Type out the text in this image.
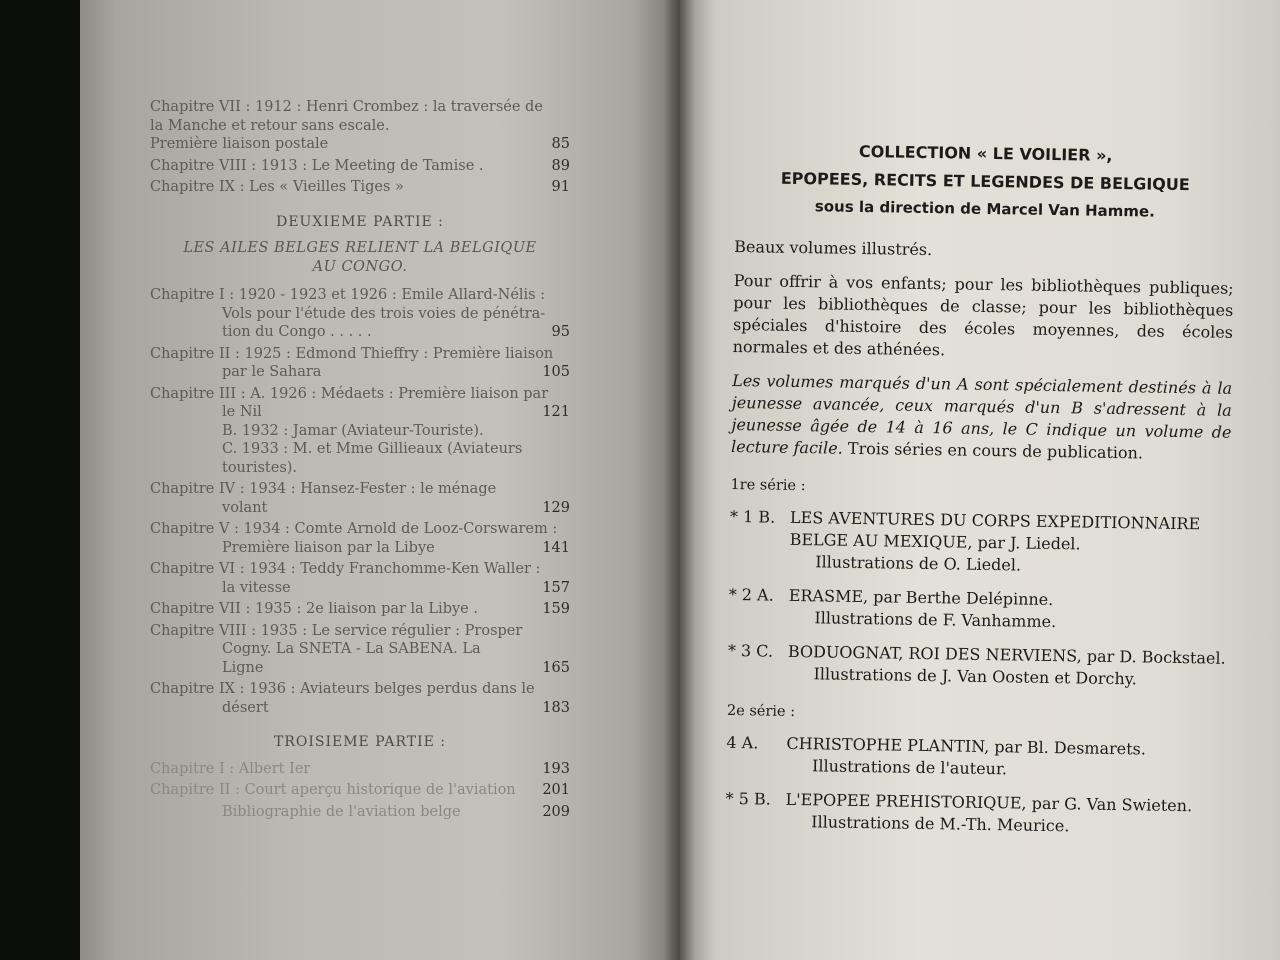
Chapitre VII : 1912 : Henri Crombez : la traversée de
la Manche et retour sans escale.
Première liaison postale	85
Chapitre VIII : 1913 : Le Meeting de Tamise .	89
Chapitre IX : Les « Vieilles Tiges »	91
DEUXIEME PARTIE :
LES AILES BELGES RELIENT LA BELGIQUE
AU CONGO.
Chapitre I : 1920 - 1923 et 1926 : Emile Allard-Nélis :
Vols pour l'étude des trois voies de pénétra-
tion du Congo . . . . .	95
Chapitre II : 1925 : Edmond Thieffry : Première liaison
par le Sahara	105
Chapitre III : A. 1926 : Médaets : Première liaison par
le Nil	121
B. 1932 : Jamar (Aviateur-Touriste).
C. 1933 : M. et Mme Gillieaux (Aviateurs
touristes).
Chapitre IV : 1934 : Hansez-Fester : le ménage
volant	129
Chapitre V : 1934 : Comte Arnold de Looz-Corswarem :
Première liaison par la Libye	141
Chapitre VI : 1934 : Teddy Franchomme-Ken Waller :
la vitesse	157
Chapitre VII : 1935 : 2e liaison par la Libye .	159
Chapitre VIII : 1935 : Le service régulier : Prosper
Cogny. La SNETA - La SABENA. La
Ligne	165
Chapitre IX : 1936 : Aviateurs belges perdus dans le
désert	183
TROISIEME PARTIE :
Chapitre I : Albert Ier	193
Chapitre II : Court aperçu historique de l'aviation	201
Bibliographie de l'aviation belge	209
COLLECTION « LE VOILIER »,
EPOPEES, RECITS ET LEGENDES DE BELGIQUE
sous la direction de Marcel Van Hamme.

Beaux volumes illustrés.

Pour offrir à vos enfants; pour les bibliothèques publiques; pour les bibliothèques de classe; pour les bibliothèques spéciales d'histoire des écoles moyennes, des écoles normales et des athénées.

Les volumes marqués d'un A sont spécialement destinés à la jeunesse avancée, ceux marqués d'un B s'adressent à la jeunesse âgée de 14 à 16 ans, le C indique un volume de lecture facile. Trois séries en cours de publication.

1re série :
* 1 B. LES AVENTURES DU CORPS EXPEDITIONNAIRE BELGE AU MEXIQUE, par J. Liedel.
Illustrations de O. Liedel.
* 2 A. ERASME, par Berthe Delépinne.
Illustrations de F. Vanhamme.
* 3 C. BODUOGNAT, ROI DES NERVIENS, par D. Bockstael.
Illustrations de J. Van Oosten et Dorchy.
2e série :
4 A. CHRISTOPHE PLANTIN, par Bl. Desmarets.
Illustrations de l'auteur.
* 5 B. L'EPOPEE PREHISTORIQUE, par G. Van Swieten.
Illustrations de M.-Th. Meurice.
